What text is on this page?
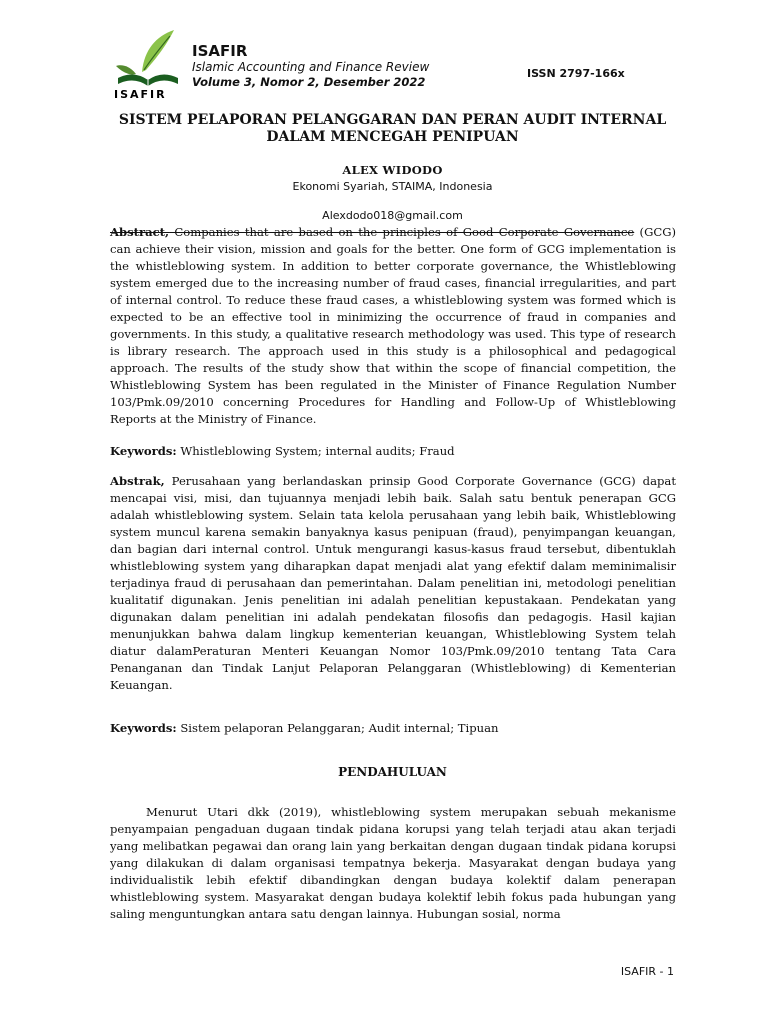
ISAFIR
ISAFIR
Islamic Accounting and Finance Review
Volume 3, Nomor 2, Desember 2022
ISSN 2797-166x
SISTEM PELAPORAN PELANGGARAN DAN PERAN AUDIT INTERNAL DALAM MENCEGAH PENIPUAN
ALEX WIDODO
Ekonomi Syariah, STAIMA, Indonesia
Alexdodo018@gmail.com

Abstract, Companies that are based on the principles of Good Corporate Governance (GCG) can achieve their vision, mission and goals for the better. One form of GCG implementation is the whistleblowing system. In addition to better corporate governance, the Whistleblowing system emerged due to the increasing number of fraud cases, financial irregularities, and part of internal control. To reduce these fraud cases, a whistleblowing system was formed which is expected to be an effective tool in minimizing the occurrence of fraud in companies and governments. In this study, a qualitative research methodology was used. This type of research is library research. The approach used in this study is a philosophical and pedagogical approach. The results of the study show that within the scope of financial competition, the Whistleblowing System has been regulated in the Minister of Finance Regulation Number 103/Pmk.09/2010 concerning Procedures for Handling and Follow-Up of Whistleblowing Reports at the Ministry of Finance.

Keywords: Whistleblowing System; internal audits; Fraud

Abstrak, Perusahaan yang berlandaskan prinsip Good Corporate Governance (GCG) dapat mencapai visi, misi, dan tujuannya menjadi lebih baik. Salah satu bentuk penerapan GCG adalah whistleblowing system. Selain tata kelola perusahaan yang lebih baik, Whistleblowing system muncul karena semakin banyaknya kasus penipuan (fraud), penyimpangan keuangan, dan bagian dari internal control. Untuk mengurangi kasus-kasus fraud tersebut, dibentuklah whistleblowing system yang diharapkan dapat menjadi alat yang efektif dalam meminimalisir terjadinya fraud di perusahaan dan pemerintahan. Dalam penelitian ini, metodologi penelitian kualitatif digunakan. Jenis penelitian ini adalah penelitian kepustakaan. Pendekatan yang digunakan dalam penelitian ini adalah pendekatan filosofis dan pedagogis. Hasil kajian menunjukkan bahwa dalam lingkup kementerian keuangan, Whistleblowing System telah diatur dalamPeraturan Menteri Keuangan Nomor 103/Pmk.09/2010 tentang Tata Cara Penanganan dan Tindak Lanjut Pelaporan Pelanggaran (Whistleblowing) di Kementerian Keuangan.

Keywords: Sistem pelaporan Pelanggaran; Audit internal; Tipuan

PENDAHULUAN

Menurut Utari dkk (2019), whistleblowing system merupakan sebuah mekanisme penyampaian pengaduan dugaan tindak pidana korupsi yang telah terjadi atau akan terjadi yang melibatkan pegawai dan orang lain yang berkaitan dengan dugaan tindak pidana korupsi yang dilakukan di dalam organisasi tempatnya bekerja. Masyarakat dengan budaya yang individualistik lebih efektif dibandingkan dengan budaya kolektif dalam penerapan whistleblowing system. Masyarakat dengan budaya kolektif lebih fokus pada hubungan yang saling menguntungkan antara satu dengan lainnya. Hubungan sosial, norma

ISAFIR - 1
